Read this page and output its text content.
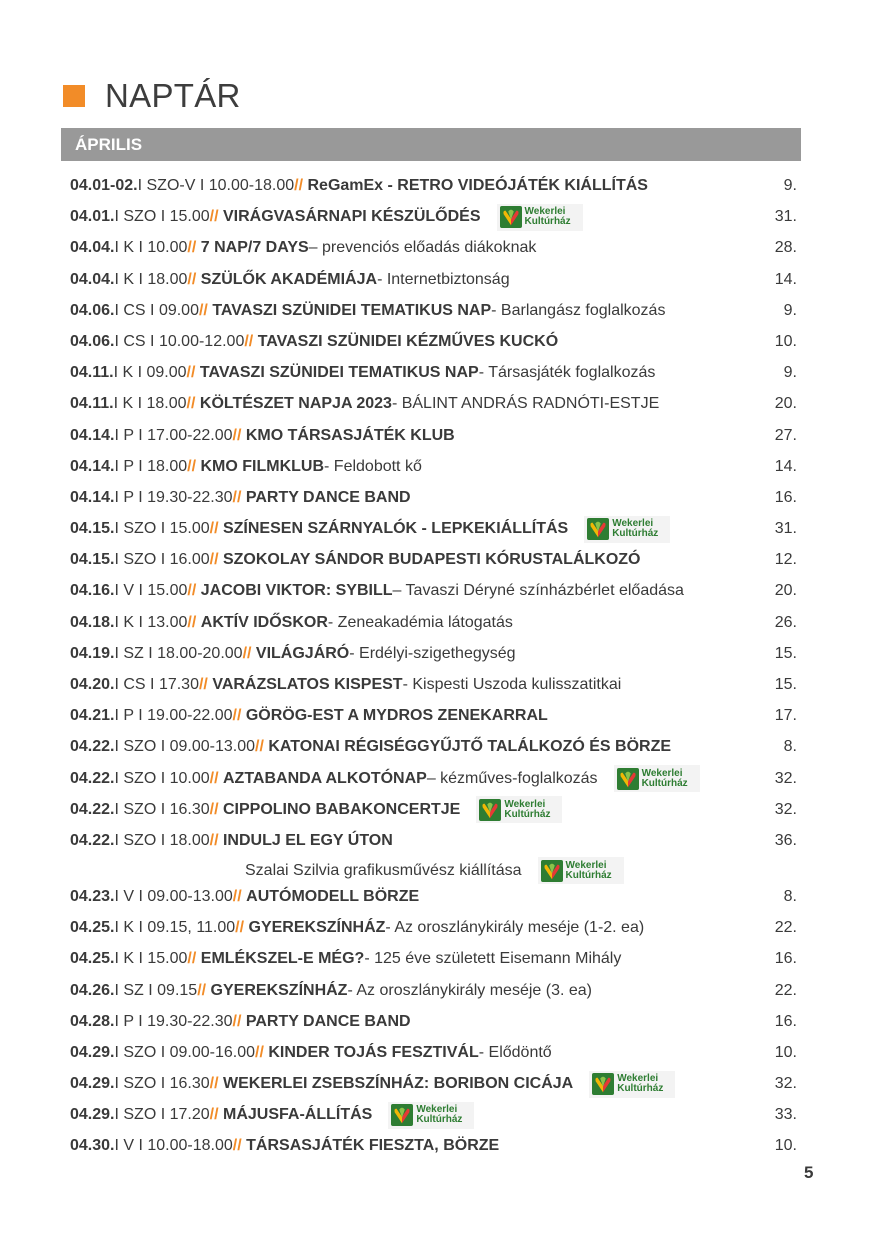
NAPTÁR
ÁPRILIS
04.01-02. I SZO-V I 10.00-18.00 // ReGamEx - RETRO VIDEÓJÁTÉK KIÁLLÍTÁS	9.
04.01. I SZO I 15.00 // VIRÁGVASÁRNAPI KÉSZÜLŐDÉS	Wekerlei Kultúrház	31.
04.04. I K I 10.00 // 7 NAP/7 DAYS – prevenciós előadás diákoknak	28.
04.04. I K I 18.00 // SZÜLŐK AKADÉMIÁJA - Internetbiztonság	14.
04.06. I CS I 09.00 // TAVASZI SZÜNIDEI TEMATIKUS NAP - Barlangász foglalkozás	9.
04.06. I CS I 10.00-12.00 // TAVASZI SZÜNIDEI KÉZMŰVES KUCKÓ	10.
04.11. I K I 09.00 // TAVASZI SZÜNIDEI TEMATIKUS NAP - Társasjáték foglalkozás	9.
04.11. I K I 18.00 // KÖLTÉSZET NAPJA 2023 - BÁLINT ANDRÁS RADNÓTI-ESTJE	20.
04.14. I P I 17.00-22.00 // KMO TÁRSASJÁTÉK KLUB	27.
04.14. I P I 18.00 // KMO FILMKLUB - Feldobott kő	14.
04.14. I P I 19.30-22.30 // PARTY DANCE BAND	16.
04.15. I SZO I 15.00 // SZÍNESEN SZÁRNYALÓK - LEPKEKIÁLLÍTÁS	Wekerlei Kultúrház	31.
04.15. I SZO I 16.00 // SZOKOLAY SÁNDOR BUDAPESTI KÓRUSTALÁLKOZÓ	12.
04.16. I V I 15.00 // JACOBI VIKTOR: SYBILL – Tavaszi Déryné színházbérlet előadása	20.
04.18. I K I 13.00 // AKTÍV IDŐSKOR - Zeneakadémia látogatás	26.
04.19. I SZ I 18.00-20.00 // VILÁGJÁRÓ - Erdélyi-szigethegység	15.
04.20. I CS I 17.30 // VARÁZSLATOS KISPEST - Kispesti Uszoda kulisszatitkai	15.
04.21. I P I 19.00-22.00 // GÖRÖG-EST A MYDROS ZENEKARRAL	17.
04.22. I SZO I 09.00-13.00 // KATONAI RÉGISÉGGYŰJTŐ TALÁLKOZÓ ÉS BÖRZE	8.
04.22. I SZO I 10.00 // AZTABANDA ALKOTÓNAP – kézműves-foglalkozás	Wekerlei Kultúrház	32.
04.22. I SZO I 16.30 // CIPPOLINO BABAKONCERTJE	Wekerlei Kultúrház	32.
04.22. I SZO I 18.00 // INDULJ EL EGY ÚTON	36.

Szalai Szilvia grafikusművész kiállítása	Wekerlei Kultúrház
04.23. I V I 09.00-13.00 // AUTÓMODELL BÖRZE	8.
04.25. I K I 09.15, 11.00 // GYEREKSZÍNHÁZ - Az oroszlánykirály meséje (1-2. ea)	22.
04.25. I K I 15.00 // EMLÉKSZEL-E MÉG? - 125 éve született Eisemann Mihály	16.
04.26. I SZ I 09.15 // GYEREKSZÍNHÁZ - Az oroszlánykirály meséje (3. ea)	22.
04.28. I P I 19.30-22.30 // PARTY DANCE BAND	16.
04.29. I SZO I 09.00-16.00 // KINDER TOJÁS FESZTIVÁL - Elődöntő	10.
04.29. I SZO I 16.30 // WEKERLEI ZSEBSZÍNHÁZ: BORIBON CICÁJA	Wekerlei Kultúrház	32.
04.29. I SZO I 17.20 // MÁJUSFA-ÁLLÍTÁS	Wekerlei Kultúrház	33.
04.30. I V I 10.00-18.00 // TÁRSASJÁTÉK FIESZTA, BÖRZE	10.
5
